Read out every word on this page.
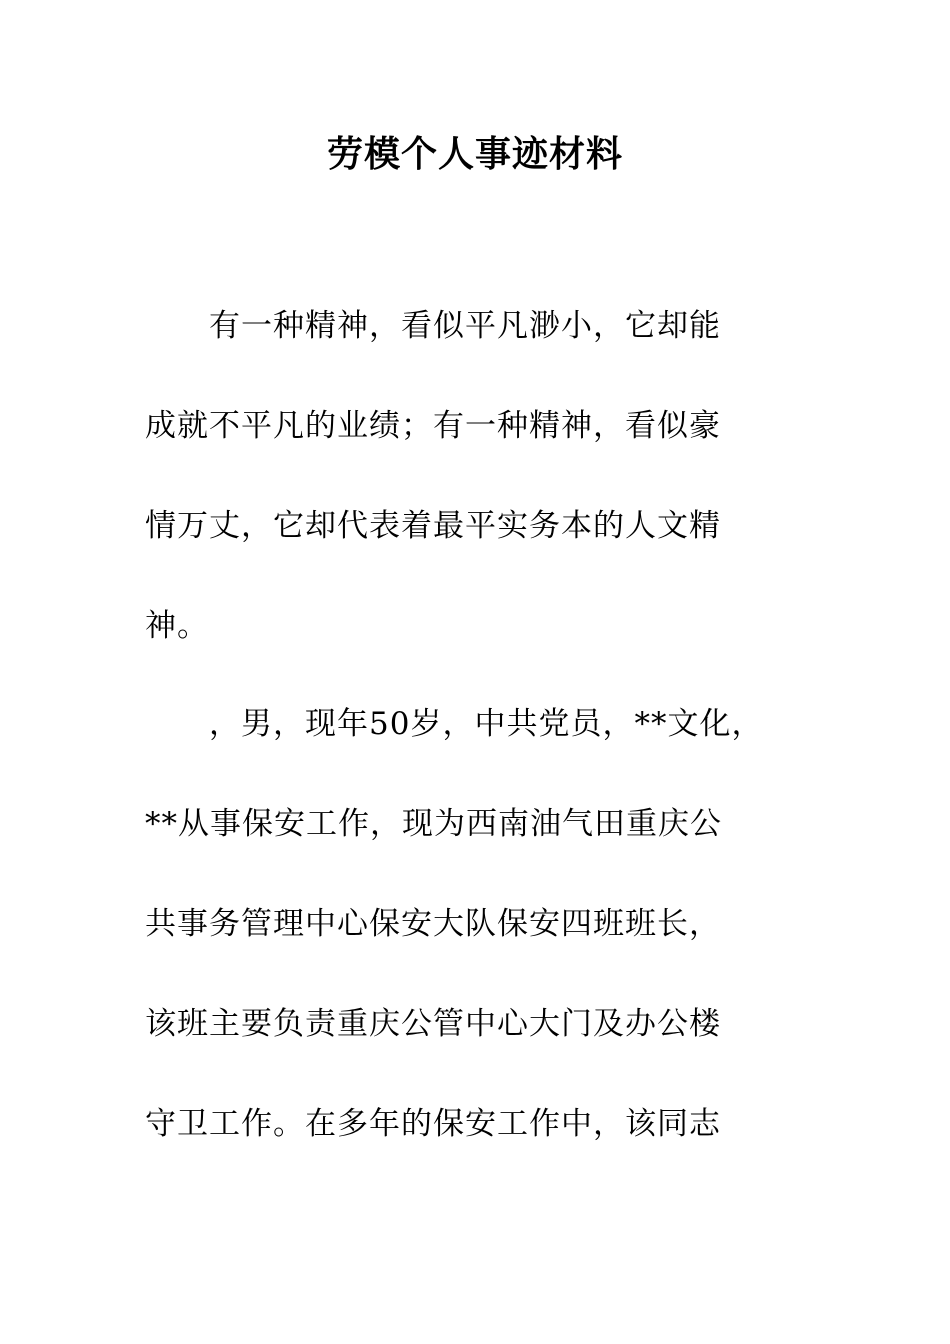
劳模个人事迹材料
　　有一种精神，看似平凡渺小，它却能
成就不平凡的业绩；有一种精神，看似豪
情万丈，它却代表着最平实务本的人文精
神。
　　，男，现年50岁，中共党员，**文化，
**从事保安工作，现为西南油气田重庆公
共事务管理中心保安大队保安四班班长，
该班主要负责重庆公管中心大门及办公楼
守卫工作。在多年的保安工作中，该同志
